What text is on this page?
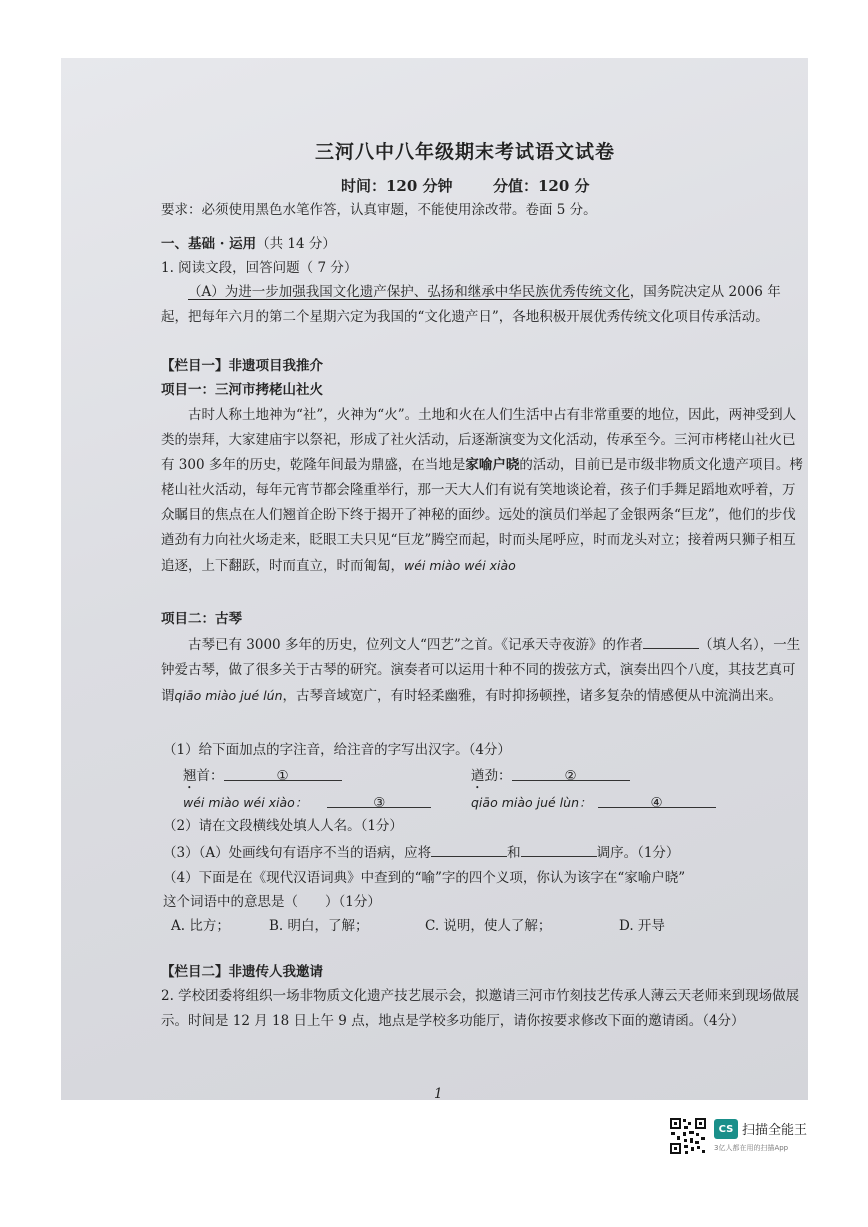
三河八中八年级期末考试语文试卷
时间：120 分钟	分值：120 分
要求：必须使用黑色水笔作答，认真审题，不能使用涂改带。卷面 5 分。
一、基础 · 运用（共 14 分）
1. 阅读文段，回答问题（ 7 分）
（A）为进一步加强我国文化遗产保护、弘扬和继承中华民族优秀传统文化，国务院决定从 2006 年起，把每年六月的第二个星期六定为我国的“文化遗产日”，各地积极开展优秀传统文化项目传承活动。
【栏目一】非遗项目我推介
项目一：三河市拷栳山社火
古时人称土地神为“社”，火神为“火”。土地和火在人们生活中占有非常重要的地位，因此，两神受到人类的崇拜，大家建庙宇以祭祀，形成了社火活动，后逐渐演变为文化活动，传承至今。三河市栲栳山社火已有 300 多年的历史，乾隆年间最为鼎盛，在当地是家喻户晓的活动，目前已是市级非物质文化遗产项目。栲栳山社火活动，每年元宵节都会隆重举行，那一天大人们有说有笑地谈论着，孩子们手舞足蹈地欢呼着，万众瞩目的焦点在人们翘首企盼下终于揭开了神秘的面纱。远处的演员们举起了金银两条“巨龙”，他们的步伐遒劲有力向社火场走来，眨眼工夫只见“巨龙”腾空而起，时而头尾呼应，时而龙头对立；接着两只狮子相互追逐，上下翻跃，时而直立，时而匍匐，wéi miào wéi xiào
项目二：古琴
古琴已有 3000 多年的历史，位列文人“四艺”之首。《记承天寺夜游》的作者	（填人名），一生钟爱古琴，做了很多关于古琴的研究。演奏者可以运用十种不同的拨弦方式，演奏出四个八度，其技艺真可谓qiāo miào jué lún，古琴音域宽广，有时轻柔幽雅，有时抑扬顿挫，诸多复杂的情感便从中流淌出来。
（1）给下面加点的字注音，给注音的字写出汉字。（4分）
翘首：	①	遒劲：	②
wéi miào wéi xiào：	③	qiāo miào jué lùn：	④
（2）请在文段横线处填人人名。（1分）
（3）（A）处画线句有语序不当的语病，应将	和	调序。（1分）
（4）下面是在《现代汉语词典》中查到的“喻”字的四个义项，你认为该字在“家喻户晓”
这个词语中的意思是（　　）（1分）
A. 比方；	B. 明白，了解；	C. 说明，使人了解；	D. 开导
【栏目二】非遗传人我邀请
2. 学校团委将组织一场非物质文化遗产技艺展示会，拟邀请三河市竹刻技艺传承人薄云天老师来到现场做展示。时间是 12 月 18 日上午 9 点，地点是学校多功能厅，请你按要求修改下面的邀请函。（4分）
1
CS 扫描全能王
3亿人都在用的扫描App
